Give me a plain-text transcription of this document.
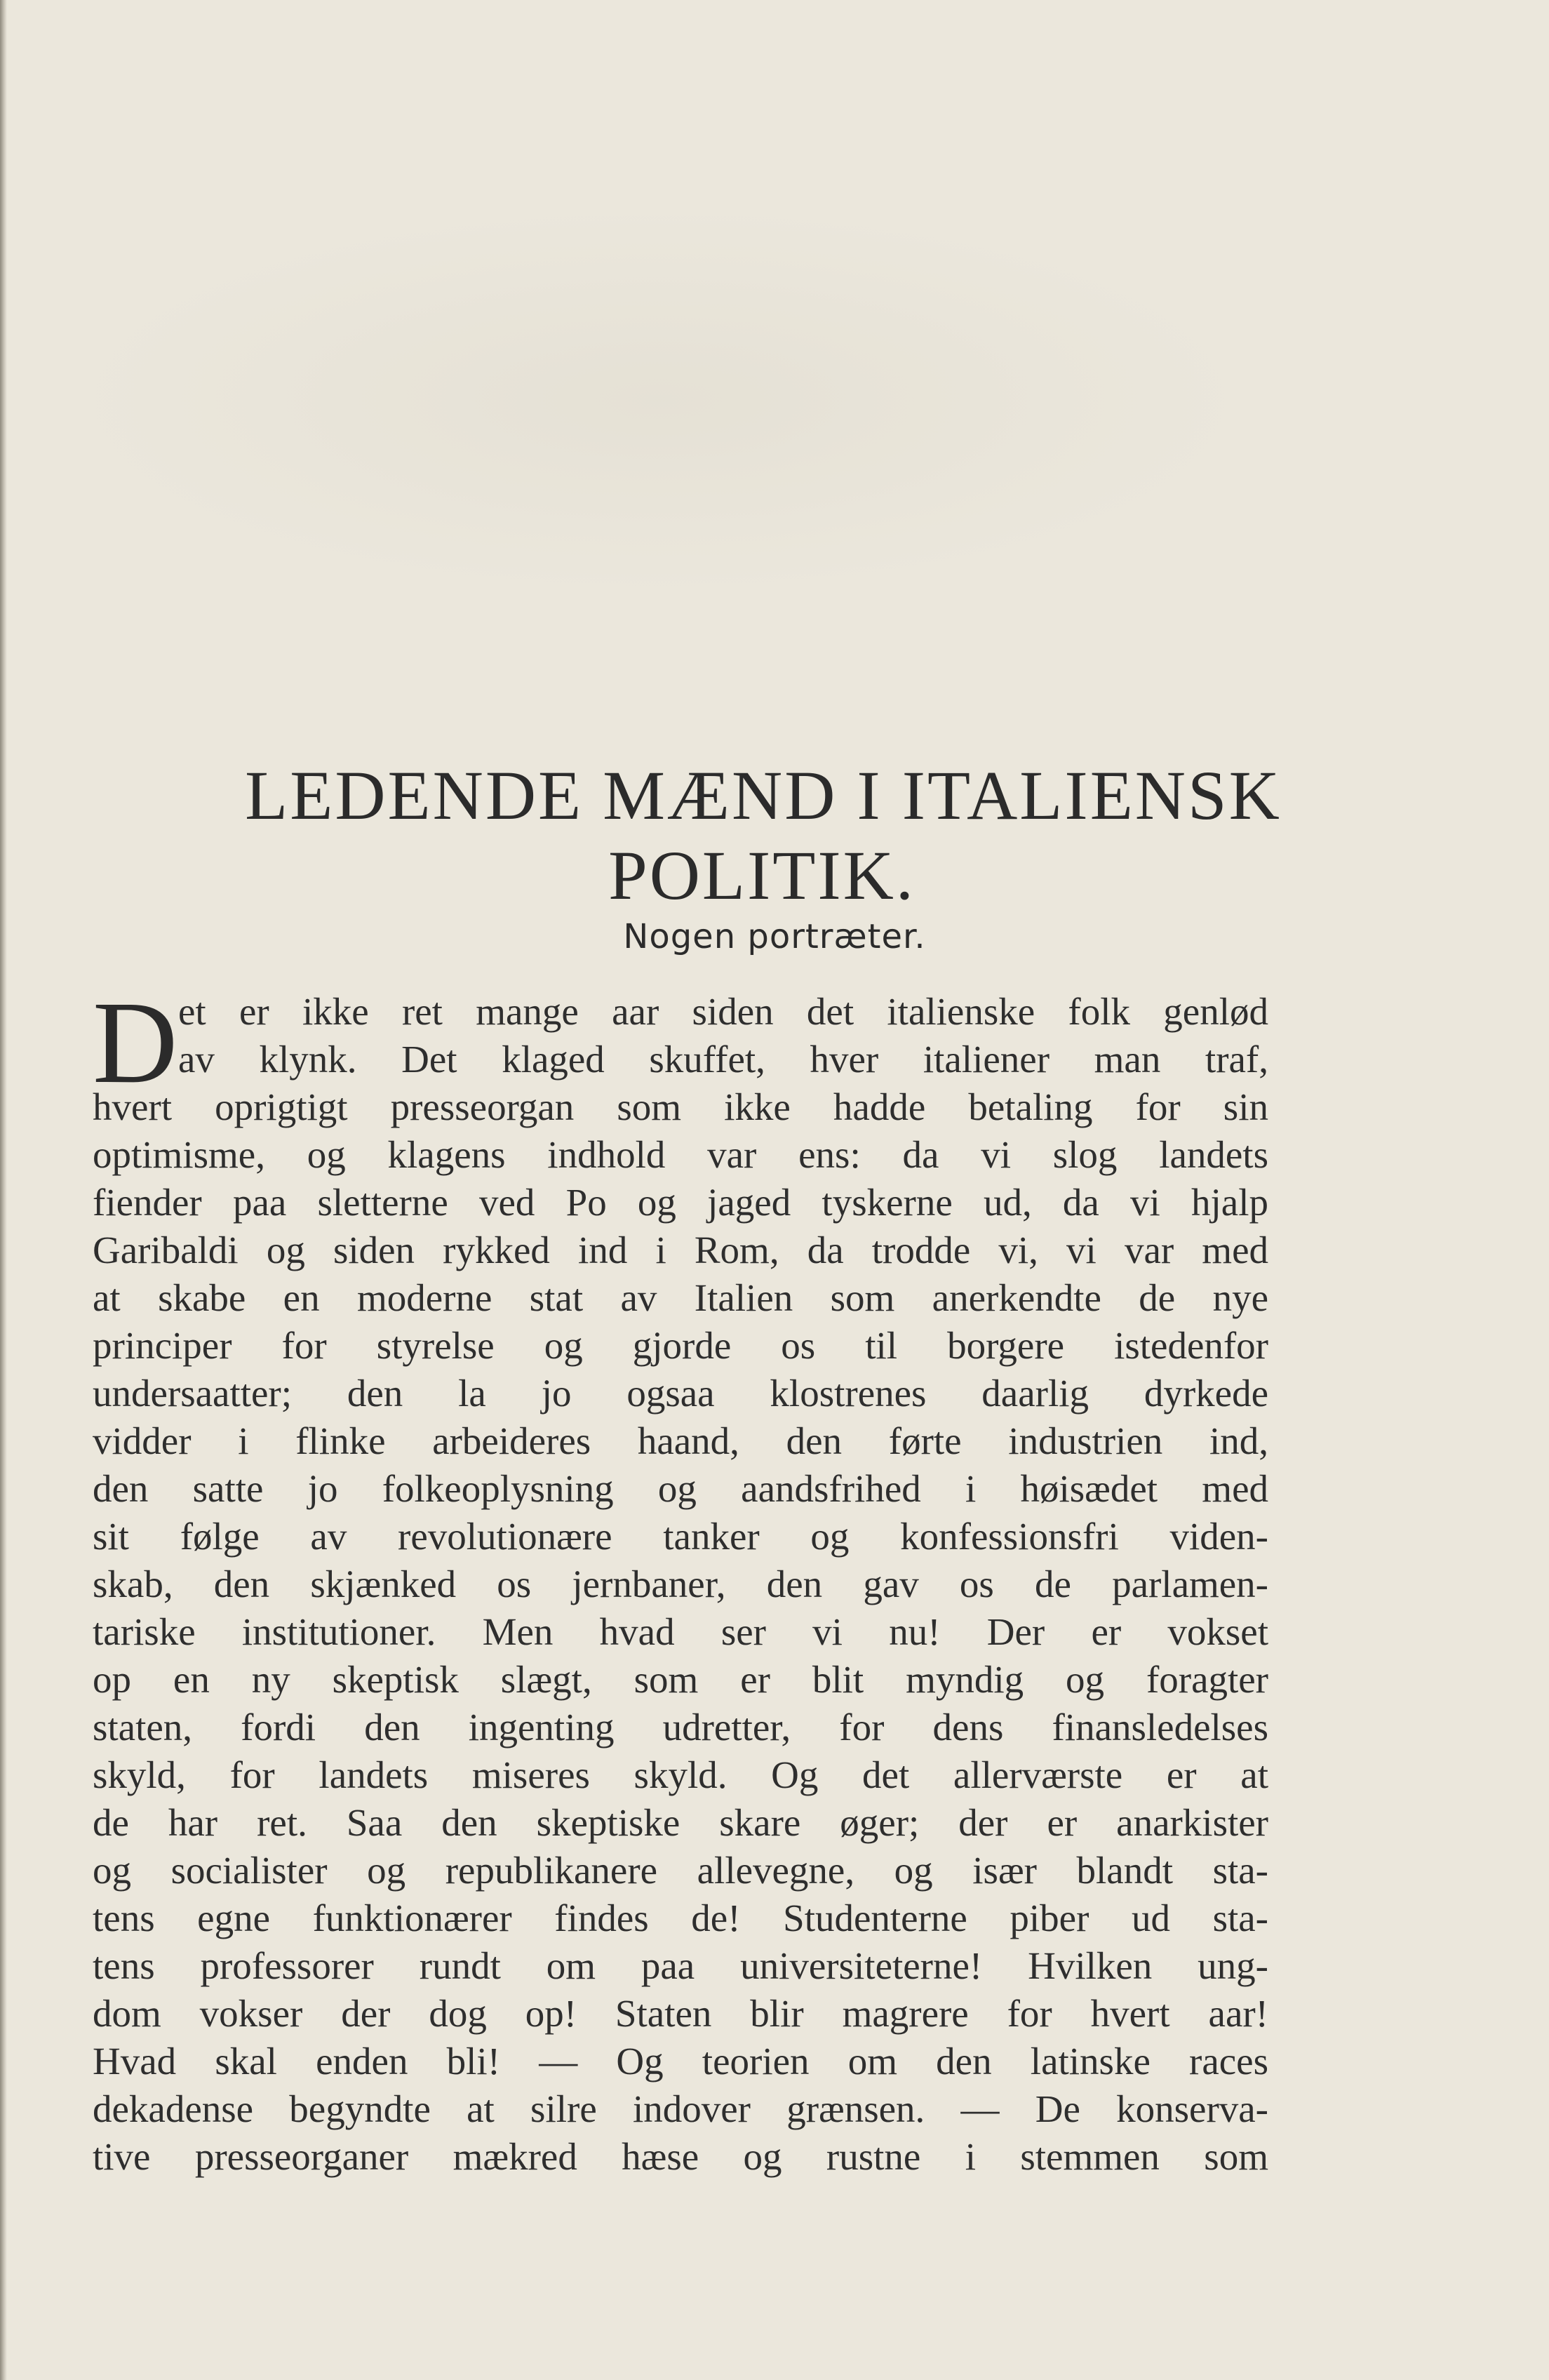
LEDENDE MÆND I ITALIENSK
POLITIK.
Nogen portræter.
D et er ikke ret mange aar siden det italienske folk genlød
av klynk. Det klaged skuffet, hver italiener man traf,
hvert oprigtigt presseorgan som ikke hadde betaling for sin
optimisme, og klagens indhold var ens: da vi slog landets
fiender paa sletterne ved Po og jaged tyskerne ud, da vi hjalp
Garibaldi og siden rykked ind i Rom, da trodde vi, vi var med
at skabe en moderne stat av Italien som anerkendte de nye
principer for styrelse og gjorde os til borgere istedenfor
undersaatter; den la jo ogsaa klostrenes daarlig dyrkede
vidder i flinke arbeideres haand, den førte industrien ind,
den satte jo folkeoplysning og aandsfrihed i høisædet med
sit følge av revolutionære tanker og konfessionsfri viden-
skab, den skjænked os jernbaner, den gav os de parlamen-
tariske institutioner. Men hvad ser vi nu! Der er vokset
op en ny skeptisk slægt, som er blit myndig og foragter
staten, fordi den ingenting udretter, for dens finansledelses
skyld, for landets miseres skyld. Og det allerværste er at
de har ret. Saa den skeptiske skare øger; der er anarkister
og socialister og republikanere allevegne, og især blandt sta-
tens egne funktionærer findes de! Studenterne piber ud sta-
tens professorer rundt om paa universiteterne! Hvilken ung-
dom vokser der dog op! Staten blir magrere for hvert aar!
Hvad skal enden bli! — Og teorien om den latinske races
dekadense begyndte at silre indover grænsen. — De konserva-
tive presseorganer mækred hæse og rustne i stemmen som
